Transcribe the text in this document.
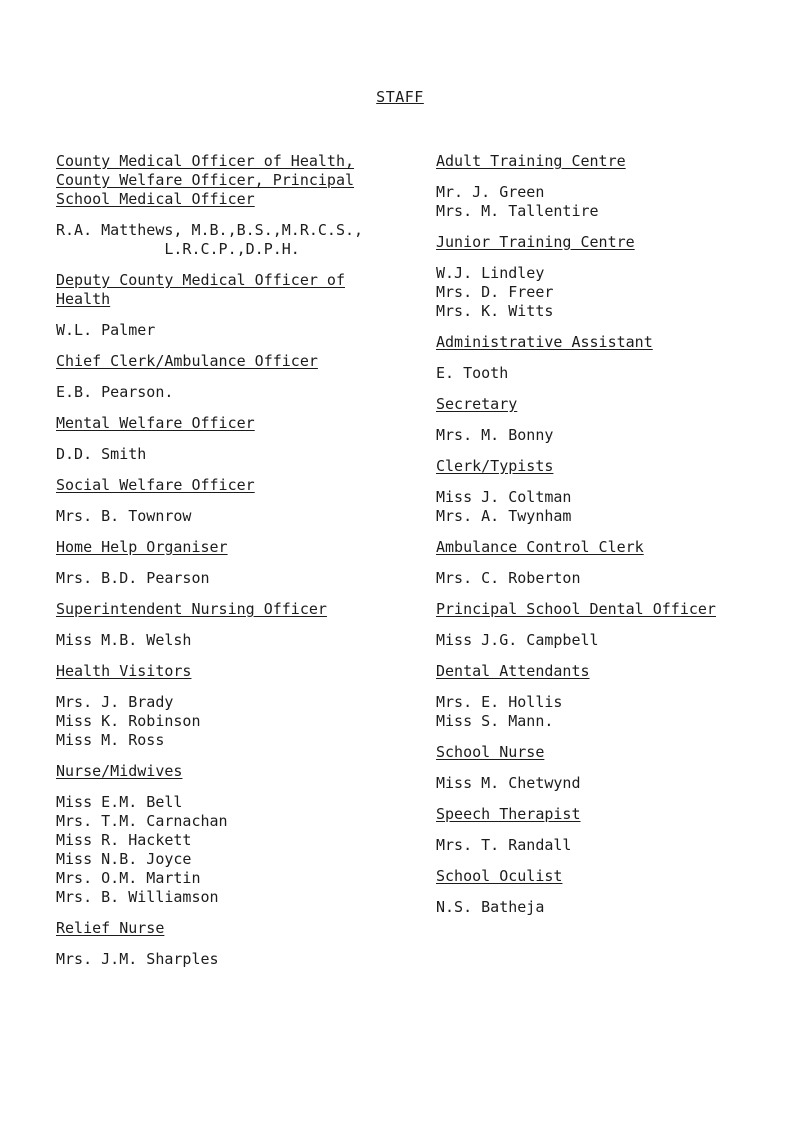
STAFF
County Medical Officer of Health,
County Welfare Officer, Principal
School Medical Officer
R.A. Matthews, M.B.,B.S.,M.R.C.S.,
L.R.C.P.,D.P.H.
Deputy County Medical Officer of
Health
W.L. Palmer
Chief Clerk/Ambulance Officer
E.B. Pearson.
Mental Welfare Officer
D.D. Smith
Social Welfare Officer
Mrs. B. Townrow
Home Help Organiser
Mrs. B.D. Pearson
Superintendent Nursing Officer
Miss M.B. Welsh
Health Visitors
Mrs. J. Brady
Miss K. Robinson
Miss M. Ross
Nurse/Midwives
Miss E.M. Bell
Mrs. T.M. Carnachan
Miss R. Hackett
Miss N.B. Joyce
Mrs. O.M. Martin
Mrs. B. Williamson
Relief Nurse
Mrs. J.M. Sharples
Adult Training Centre
Mr. J. Green
Mrs. M. Tallentire
Junior Training Centre
W.J. Lindley
Mrs. D. Freer
Mrs. K. Witts
Administrative Assistant
E. Tooth
Secretary
Mrs. M. Bonny
Clerk/Typists
Miss J. Coltman
Mrs. A. Twynham
Ambulance Control Clerk
Mrs. C. Roberton
Principal School Dental Officer
Miss J.G. Campbell
Dental Attendants
Mrs. E. Hollis
Miss S. Mann.
School Nurse
Miss M. Chetwynd
Speech Therapist
Mrs. T. Randall
School Oculist
N.S. Batheja
